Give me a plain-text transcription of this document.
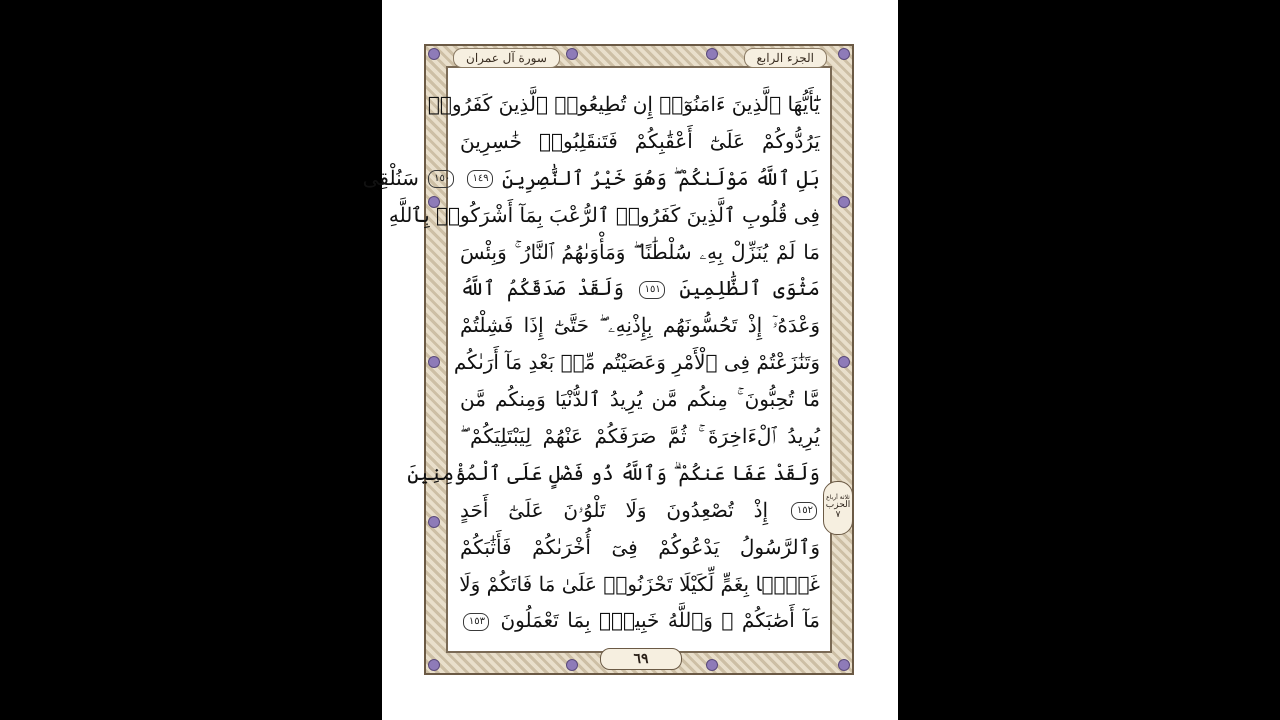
سورة آل عمران	الجزء الرابع
يَٰٓأَيُّهَا ٱلَّذِينَ ءَامَنُوٓا۟ إِن تُطِيعُوا۟ ٱلَّذِينَ كَفَرُوا۟
يَرُدُّوكُمْ عَلَىٰٓ أَعْقَٰبِكُمْ فَتَنقَلِبُوا۟ خَٰسِرِينَ
بَلِ ٱللَّهُ مَوْلَىٰكُمْ ۖ وَهُوَ خَيْرُ ٱلنَّٰصِرِينَ ١٤٩ ١٥٠ سَنُلْقِى
فِى قُلُوبِ ٱلَّذِينَ كَفَرُوا۟ ٱلرُّعْبَ بِمَآ أَشْرَكُوا۟ بِٱللَّهِ
مَا لَمْ يُنَزِّلْ بِهِۦ سُلْطَٰنًا ۖ وَمَأْوَىٰهُمُ ٱلنَّارُ ۚ وَبِئْسَ
مَثْوَى ٱلظَّٰلِمِينَ ١٥١ وَلَقَدْ صَدَقَكُمُ ٱللَّهُ
وَعْدَهُۥٓ إِذْ تَحُسُّونَهُم بِإِذْنِهِۦ ۖ حَتَّىٰٓ إِذَا فَشِلْتُمْ
وَتَنَٰزَعْتُمْ فِى ٱلْأَمْرِ وَعَصَيْتُم مِّنۢ بَعْدِ مَآ أَرَىٰكُم
مَّا تُحِبُّونَ ۚ مِنكُم مَّن يُرِيدُ ٱلدُّنْيَا وَمِنكُم مَّن
يُرِيدُ ٱلْءَاخِرَةَ ۚ ثُمَّ صَرَفَكُمْ عَنْهُمْ لِيَبْتَلِيَكُمْ ۖ
وَلَقَدْ عَفَا عَنكُمْ ۗ وَٱللَّهُ ذُو فَضْلٍ عَلَى ٱلْمُؤْمِنِينَ
١٥٢ إِذْ تُصْعِدُونَ وَلَا تَلْوُۥنَ عَلَىٰٓ أَحَدٍ
وَٱلرَّسُولُ يَدْعُوكُمْ فِىٓ أُخْرَىٰكُمْ فَأَثَٰبَكُمْ
غَمًّۢا بِغَمٍّ لِّكَيْلَا تَحْزَنُوا۟ عَلَىٰ مَا فَاتَكُمْ وَلَا
مَآ أَصَٰبَكُمْ ۗ وَٱللَّهُ خَبِيرٌۢ بِمَا تَعْمَلُونَ ١٥٣
ثلاثة أرباع
الحزب
٧
٦٩
